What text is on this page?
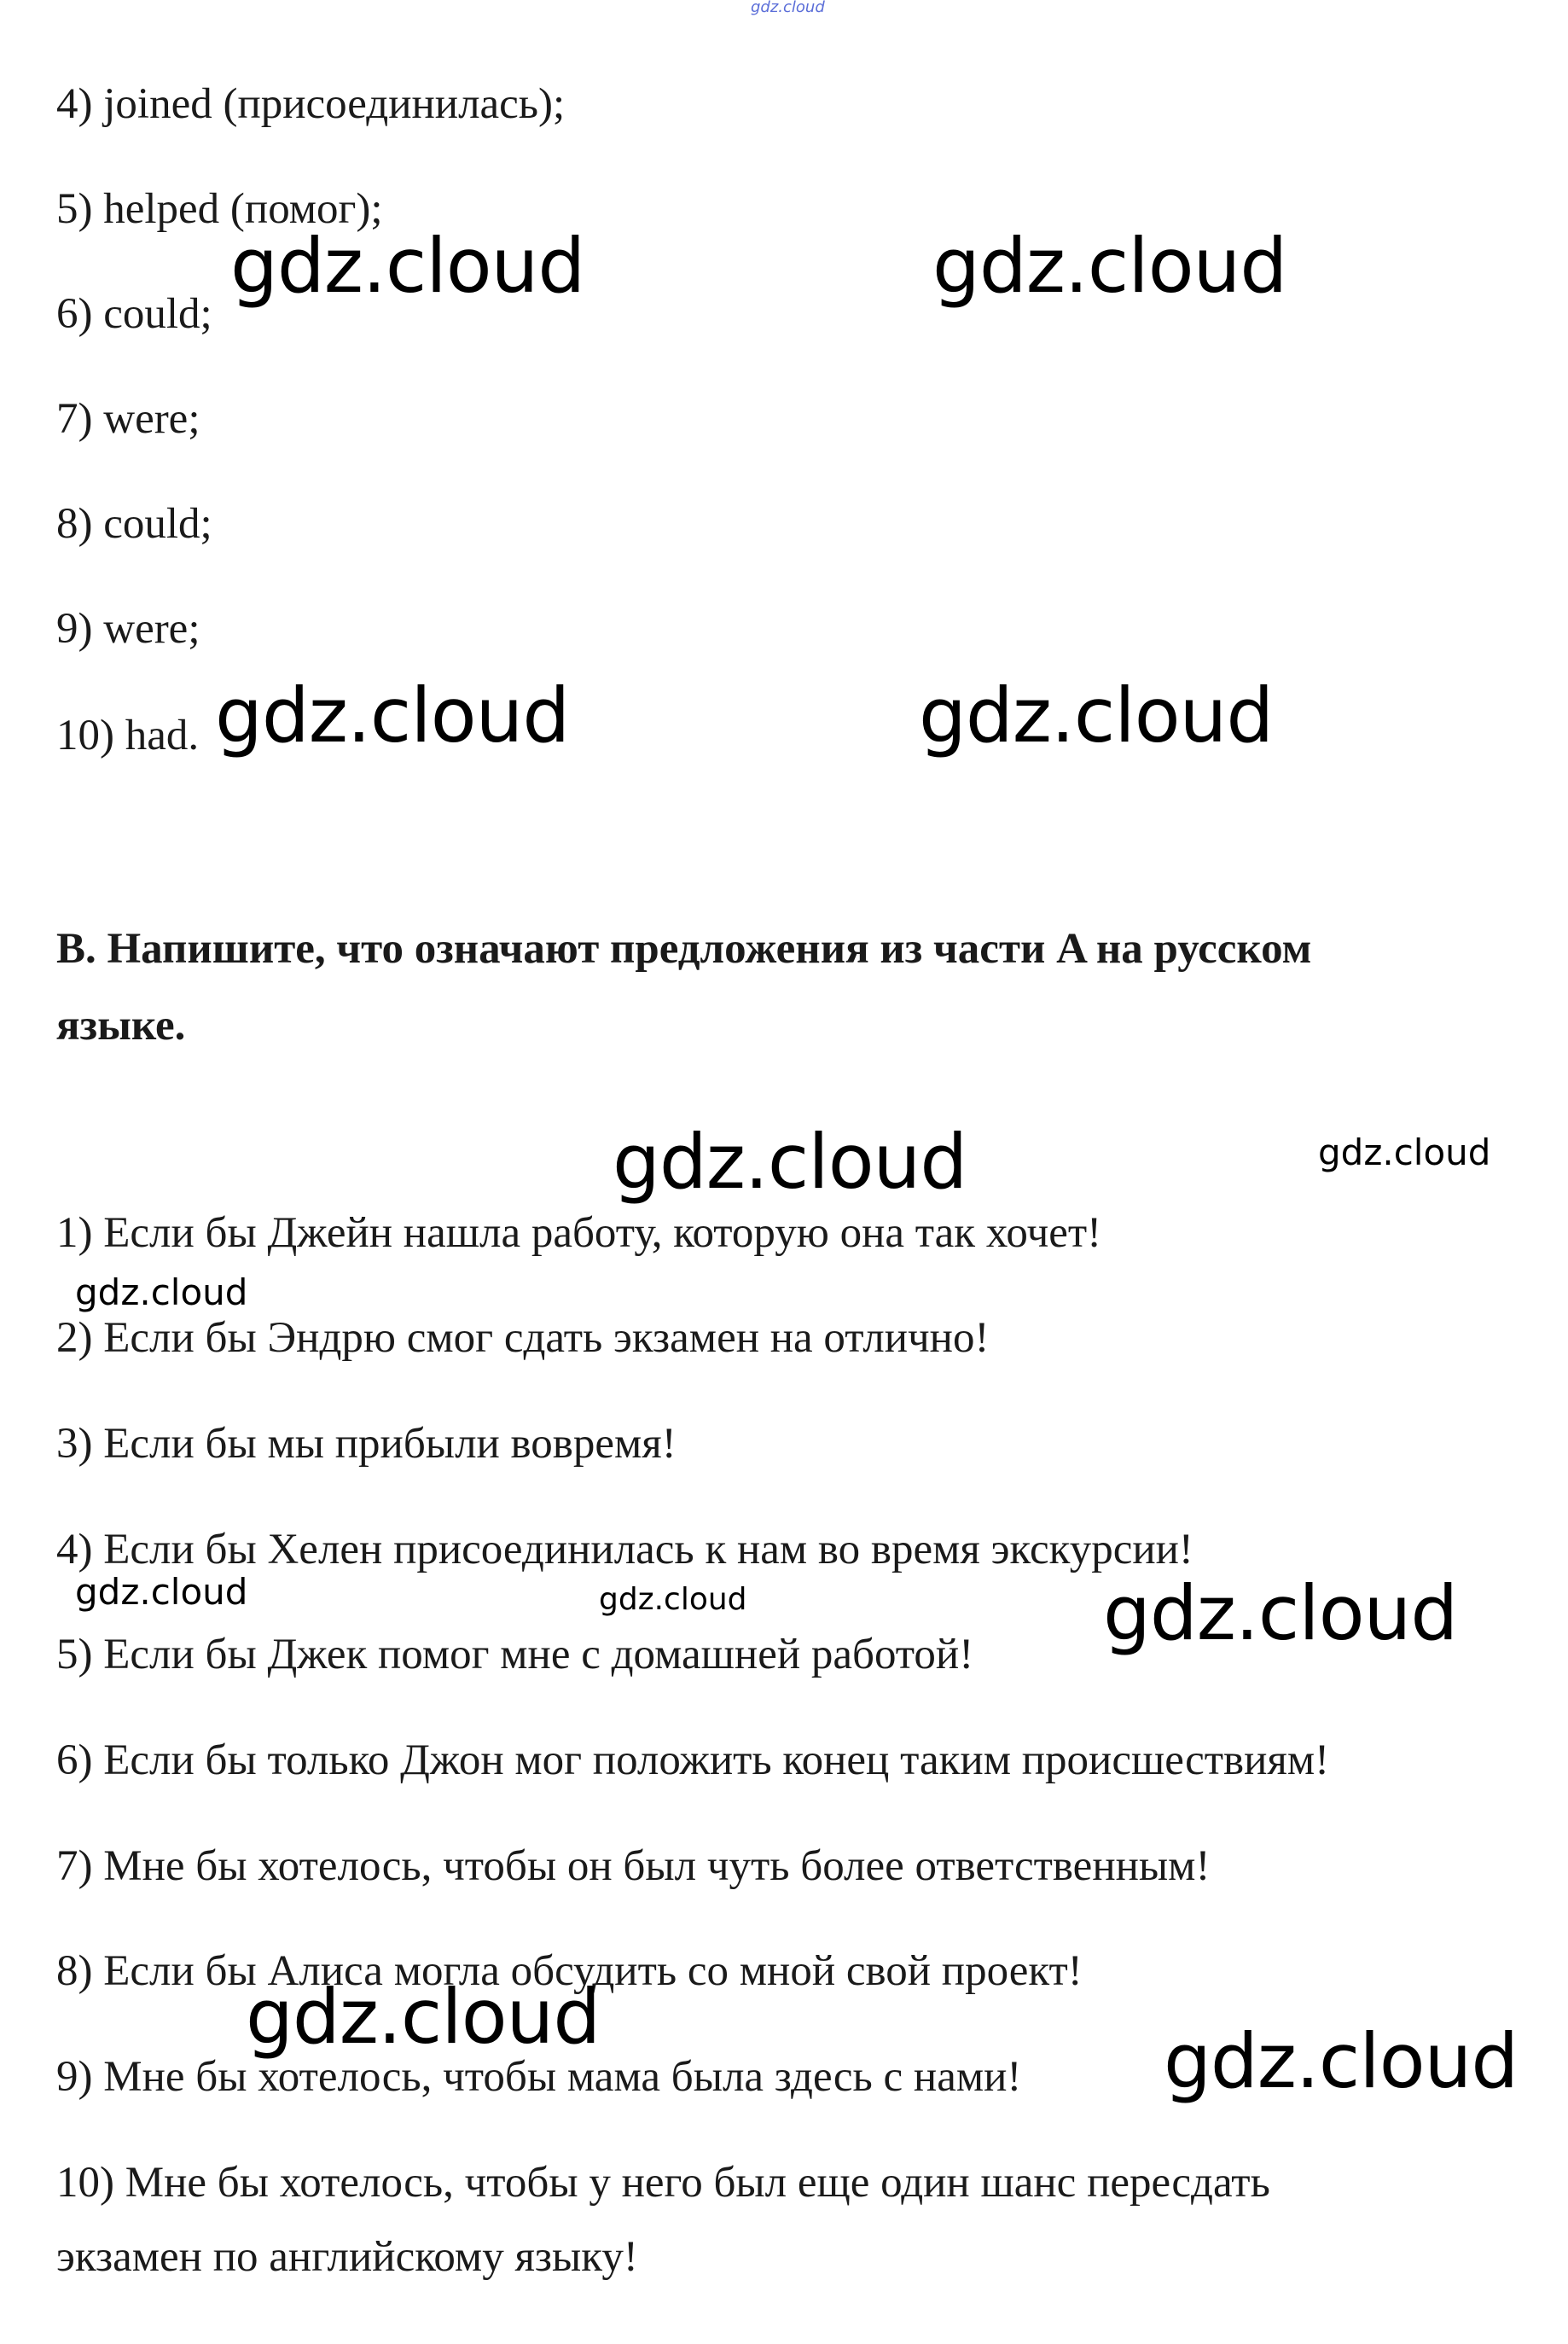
gdz.cloud
4) joined (присоединилась);
5) helped (помог);
6) could;
7) were;
8) could;
9) were;
10) had.
B. Напишите, что означают предложения из части A на русском
языке.
1) Если бы Джейн нашла работу, которую она так хочет!
2) Если бы Эндрю смог сдать экзамен на отлично!
3) Если бы мы прибыли вовремя!
4) Если бы Хелен присоединилась к нам во время экскурсии!
5) Если бы Джек помог мне с домашней работой!
6) Если бы только Джон мог положить конец таким происшествиям!
7) Мне бы хотелось, чтобы он был чуть более ответственным!
8) Если бы Алиса могла обсудить со мной свой проект!
9) Мне бы хотелось, чтобы мама была здесь с нами!
10) Мне бы хотелось, чтобы у него был еще один шанс пересдать
экзамен по английскому языку!
gdz.cloud	gdz.cloud
gdz.cloud	gdz.cloud
gdz.cloud
gdz.cloud
gdz.cloud
gdz.cloud
gdz.cloud
gdz.cloud
gdz.cloud	gdz.cloud
